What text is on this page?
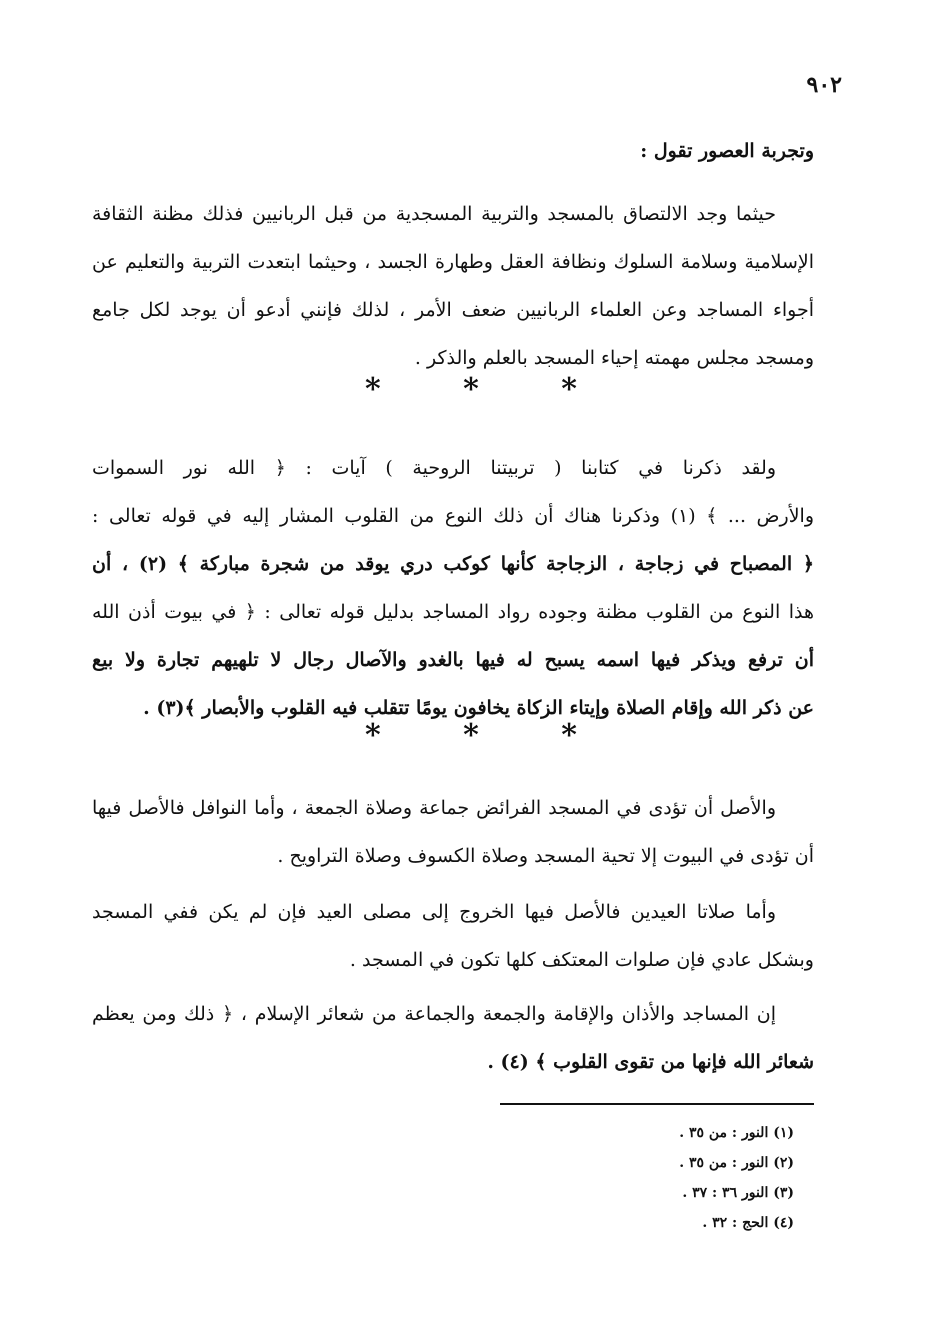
٩٠٢
وتجربة العصور تقول :
حيثما وجد الالتصاق بالمسجد والتربية المسجدية من قبل الربانيين فذلك مظنة الثقافة
الإسلامية وسلامة السلوك ونظافة العقل وطهارة الجسد ، وحيثما ابتعدت التربية والتعليم عن
أجواء المساجد وعن العلماء الربانيين ضعف الأمر ، لذلك فإنني أدعو أن يوجد لكل جامع
ومسجد مجلس مهمته إحياء المسجد بالعلم والذكر .
* * *
ولقد ذكرنا في كتابنا ( تربيتنا الروحية ) آيات : ﴿ الله نور السموات
والأرض ... ﴾ (١) وذكرنا هناك أن ذلك النوع من القلوب المشار إليه في قوله تعالى :
﴿ المصباح في زجاجة ، الزجاجة كأنها كوكب دري يوقد من شجرة مباركة ﴾ (٢) ، أن
هذا النوع من القلوب مظنة وجوده رواد المساجد بدليل قوله تعالى : ﴿ في بيوت أذن الله
أن ترفع ويذكر فيها اسمه يسبح له فيها بالغدو والآصال رجال لا تلهيهم تجارة ولا بيع
عن ذكر الله وإقام الصلاة وإيتاء الزكاة يخافون يومًا تتقلب فيه القلوب والأبصار ﴾(٣) .
* * *
والأصل أن تؤدى في المسجد الفرائض جماعة وصلاة الجمعة ، وأما النوافل فالأصل فيها
أن تؤدى في البيوت إلا تحية المسجد وصلاة الكسوف وصلاة التراويح .
وأما صلاتا العيدين فالأصل فيها الخروج إلى مصلى العيد فإن لم يكن ففي المسجد
وبشكل عادي فإن صلوات المعتكف كلها تكون في المسجد .
إن المساجد والأذان والإقامة والجمعة والجماعة من شعائر الإسلام ، ﴿ ذلك ومن يعظم
شعائر الله فإنها من تقوى القلوب ﴾ (٤) .
(١) النور : من ٣٥ .
(٢) النور : من ٣٥ .
(٣) النور ٣٦ : ٣٧ .
(٤) الحج : ٣٢ .
